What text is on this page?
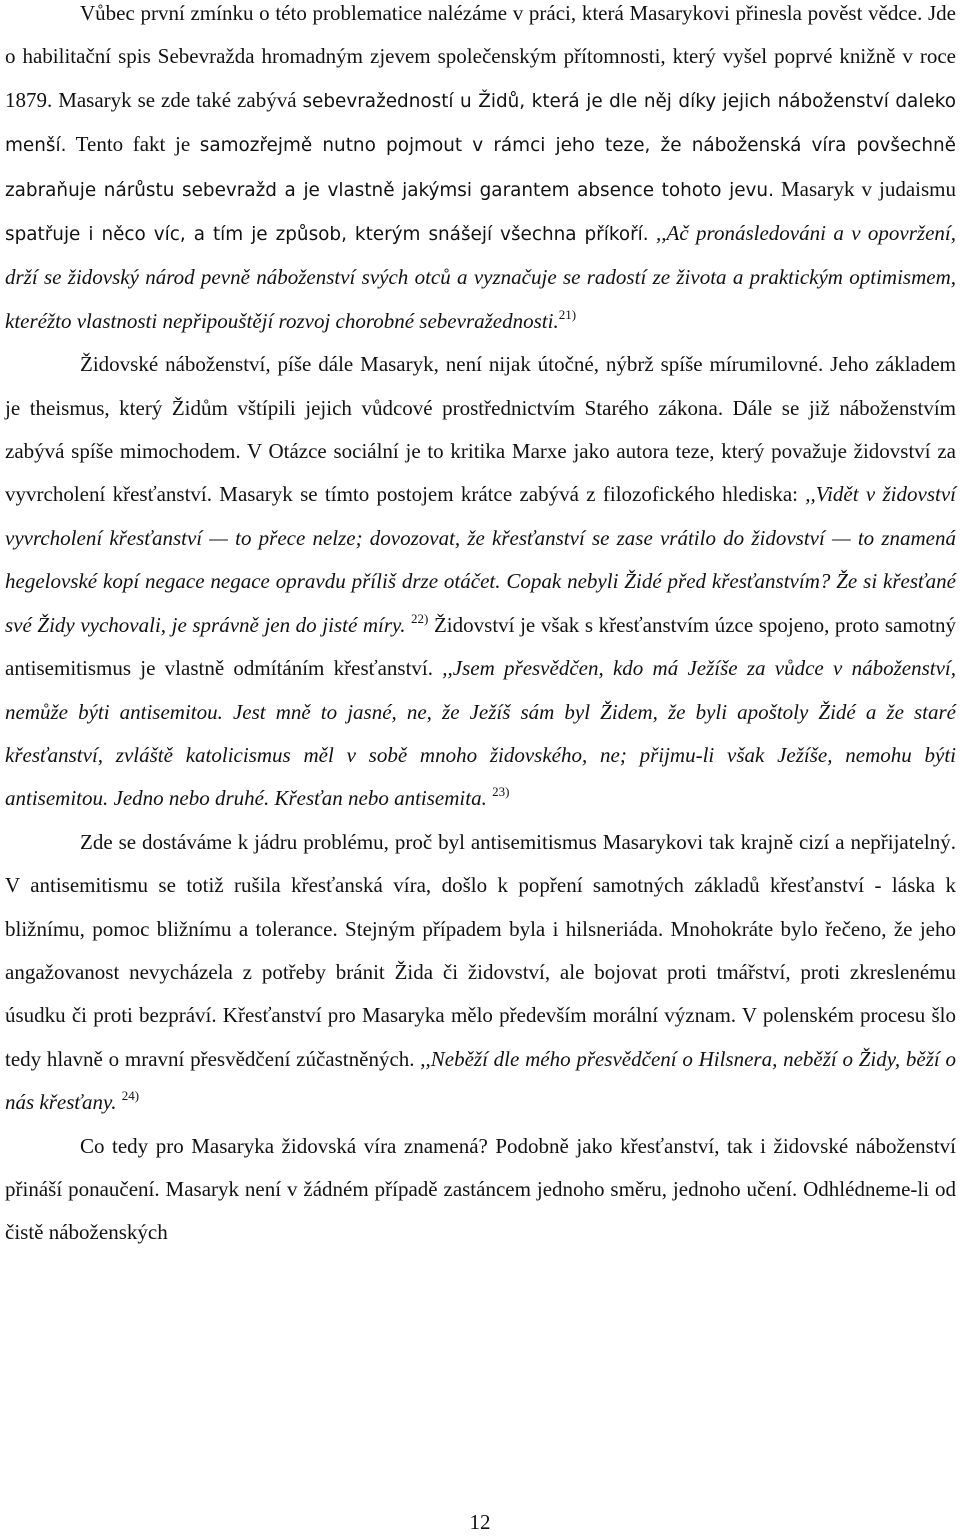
Vůbec první zmínku o této problematice nalézáme v práci, která Masarykovi přinesla pověst vědce. Jde o habilitační spis Sebevražda hromadným zjevem společenským přítomnosti, který vyšel poprvé knižně v roce 1879. Masaryk se zde také zabývá sebevražedností u Židů, která je dle něj díky jejich náboženství daleko menší. Tento fakt je samozřejmě nutno pojmout v rámci jeho teze, že náboženská víra povšechně zabraňuje nárůstu sebevražd a je vlastně jakýmsi garantem absence tohoto jevu. Masaryk v judaismu spatřuje i něco víc, a tím je způsob, kterým snášejí všechna příkoří. ,,Ač pronásledováni a v opovržení, drží se židovský národ pevně náboženství svých otců a vyznačuje se radostí ze života a praktickým optimismem, kteréžto vlastnosti nepřipouštějí rozvoj chorobné sebevražednosti.$^{21)}$

Židovské náboženství, píše dále Masaryk, není nijak útočné, nýbrž spíše mírumilovné. Jeho základem je theismus, který Židům vštípili jejich vůdcové prostřednictvím Starého zákona. Dále se již náboženstvím zabývá spíše mimochodem. V Otázce sociální je to kritika Marxe jako autora teze, který považuje židovství za vyvrcholení křesťanství. Masaryk se tímto postojem krátce zabývá z filozofického hlediska: ,,Vidět v židovství vyvrcholení křesťanství — to přece nelze; dovozovat, že křesťanství se zase vrátilo do židovství — to znamená hegelovské kopí negace negace opravdu příliš drze otáčet. Copak nebyli Židé před křesťanstvím? Že si křesťané své Židy vychovali, je správně jen do jisté míry. $^{22)}$ Židovství je však s křesťanstvím úzce spojeno, proto samotný antisemitismus je vlastně odmítáním křesťanství. ,,Jsem přesvědčen, kdo má Ježíše za vůdce v náboženství, nemůže býti antisemitou. Jest mně to jasné, ne, že Ježíš sám byl Židem, že byli apoštoly Židé a že staré křesťanství, zvláště katolicismus měl v sobě mnoho židovského, ne; přijmu-li však Ježíše, nemohu býti antisemitou. Jedno nebo druhé. Křesťan nebo antisemita. $^{23)}$

Zde se dostáváme k jádru problému, proč byl antisemitismus Masarykovi tak krajně cizí a nepřijatelný. V antisemitismu se totiž rušila křesťanská víra, došlo k popření samotných základů křesťanství - láska k bližnímu, pomoc bližnímu a tolerance. Stejným případem byla i hilsneriáda. Mnohokráte bylo řečeno, že jeho angažovanost nevycházela z potřeby bránit Žida či židovství, ale bojovat proti tmářství, proti zkreslenému úsudku či proti bezpráví. Křesťanství pro Masaryka mělo především morální význam. V polenském procesu šlo tedy hlavně o mravní přesvědčení zúčastněných. ,,Neběží dle mého přesvědčení o Hilsnera, neběží o Židy, běží o nás křesťany. $^{24)}$

Co tedy pro Masaryka židovská víra znamená? Podobně jako křesťanství, tak i židovské náboženství přináší ponaučení. Masaryk není v žádném případě zastáncem jednoho směru, jednoho učení. Odhlédneme-li od čistě náboženských

12
